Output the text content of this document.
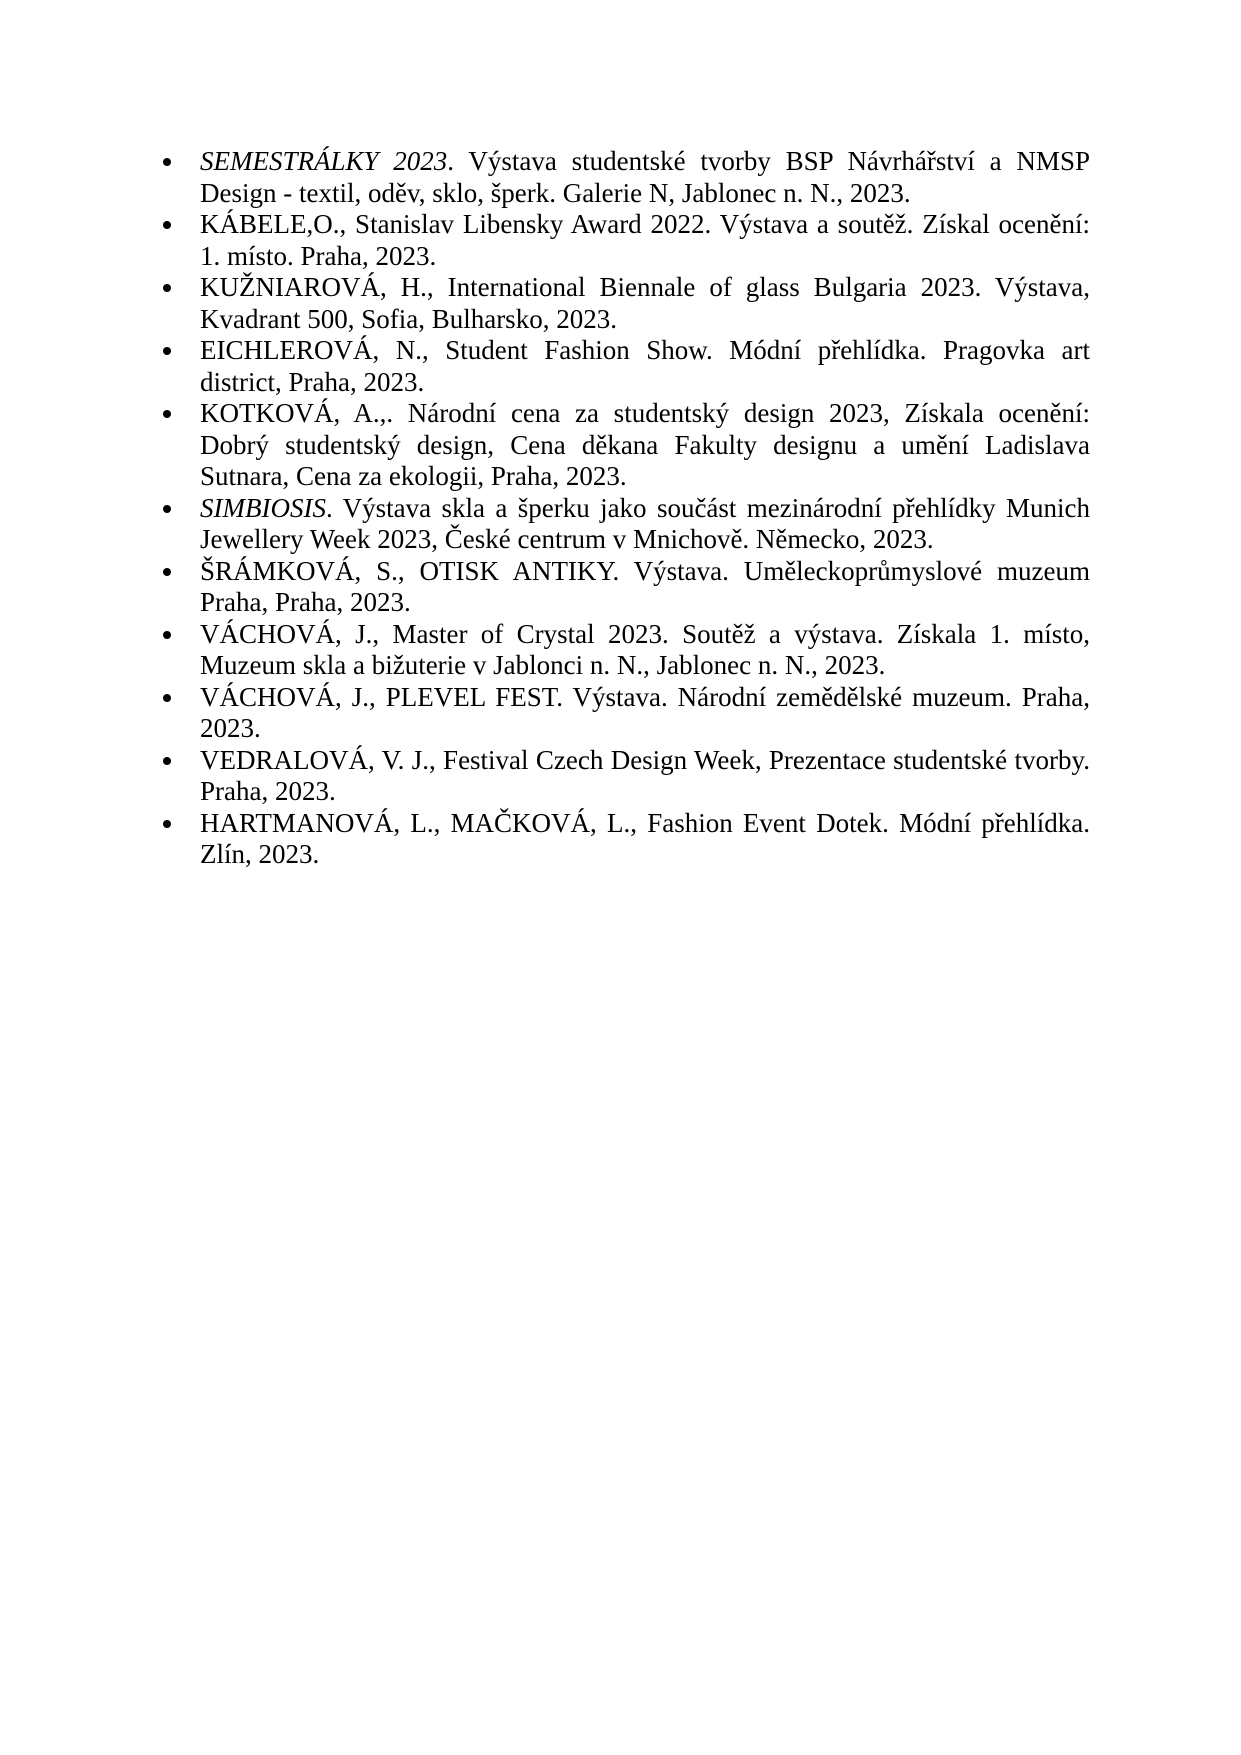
SEMESTRÁLKY 2023. Výstava studentské tvorby BSP Návrhářství a NMSP Design - textil, oděv, sklo, šperk. Galerie N, Jablonec n. N., 2023.
KÁBELE,O., Stanislav Libensky Award 2022. Výstava a soutěž. Získal ocenění: 1. místo. Praha, 2023.
KUŽNIAROVÁ, H., International Biennale of glass Bulgaria 2023. Výstava, Kvadrant 500, Sofia, Bulharsko, 2023.
EICHLEROVÁ, N., Student Fashion Show. Módní přehlídka. Pragovka art district, Praha, 2023.
KOTKOVÁ, A.,. Národní cena za studentský design 2023, Získala ocenění: Dobrý studentský design, Cena děkana Fakulty designu a umění Ladislava Sutnara, Cena za ekologii, Praha, 2023.
SIMBIOSIS. Výstava skla a šperku jako součást mezinárodní přehlídky Munich Jewellery Week 2023, České centrum v Mnichově. Německo, 2023.
ŠRÁMKOVÁ, S., OTISK ANTIKY. Výstava. Uměleckoprůmyslové muzeum Praha, Praha, 2023.
VÁCHOVÁ, J., Master of Crystal 2023. Soutěž a výstava. Získala 1. místo, Muzeum skla a bižuterie v Jablonci n. N., Jablonec n. N., 2023.
VÁCHOVÁ, J., PLEVEL FEST. Výstava. Národní zemědělské muzeum. Praha, 2023.
VEDRALOVÁ, V. J., Festival Czech Design Week, Prezentace studentské tvorby. Praha, 2023.
HARTMANOVÁ, L., MAČKOVÁ, L., Fashion Event Dotek. Módní přehlídka. Zlín, 2023.
